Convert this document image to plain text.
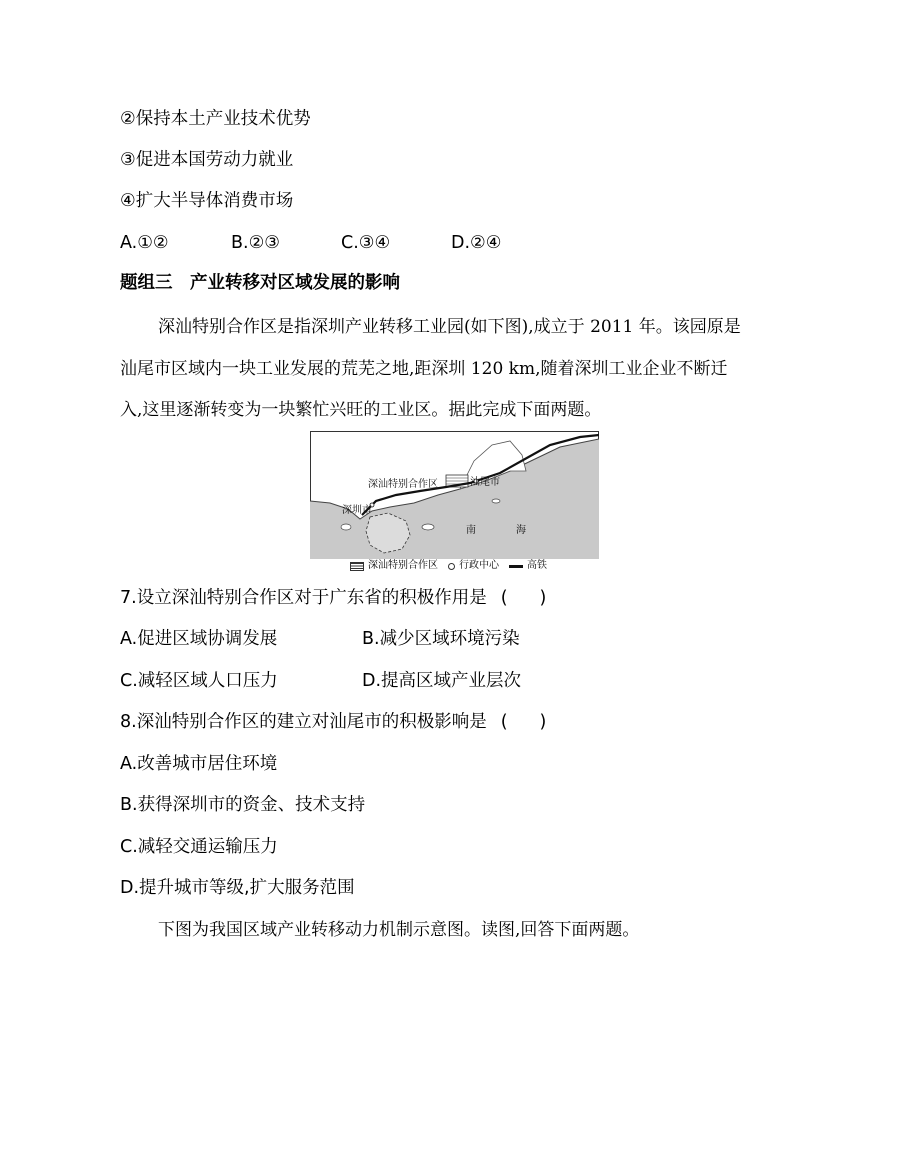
②保持本土产业技术优势
③促进本国劳动力就业
④扩大半导体消费市场
A.①②	B.②③	C.③④	D.②④
题组三　产业转移对区域发展的影响
深汕特别合作区是指深圳产业转移工业园(如下图),成立于 2011 年。该园原是
汕尾市区域内一块工业发展的荒芜之地,距深圳 120 km,随着深圳工业企业不断迁
入,这里逐渐转变为一块繁忙兴旺的工业区。据此完成下面两题。
深汕特别合作区	汕尾市
深圳市
南	海
深汕特别合作区 行政中心	高铁
7.设立深汕特别合作区对于广东省的积极作用是 ( )
A.促进区域协调发展	B.减少区域环境污染
C.减轻区域人口压力	D.提高区域产业层次
8.深汕特别合作区的建立对汕尾市的积极影响是 ( )
A.改善城市居住环境
B.获得深圳市的资金、技术支持
C.减轻交通运输压力
D.提升城市等级,扩大服务范围
下图为我国区域产业转移动力机制示意图。读图,回答下面两题。
